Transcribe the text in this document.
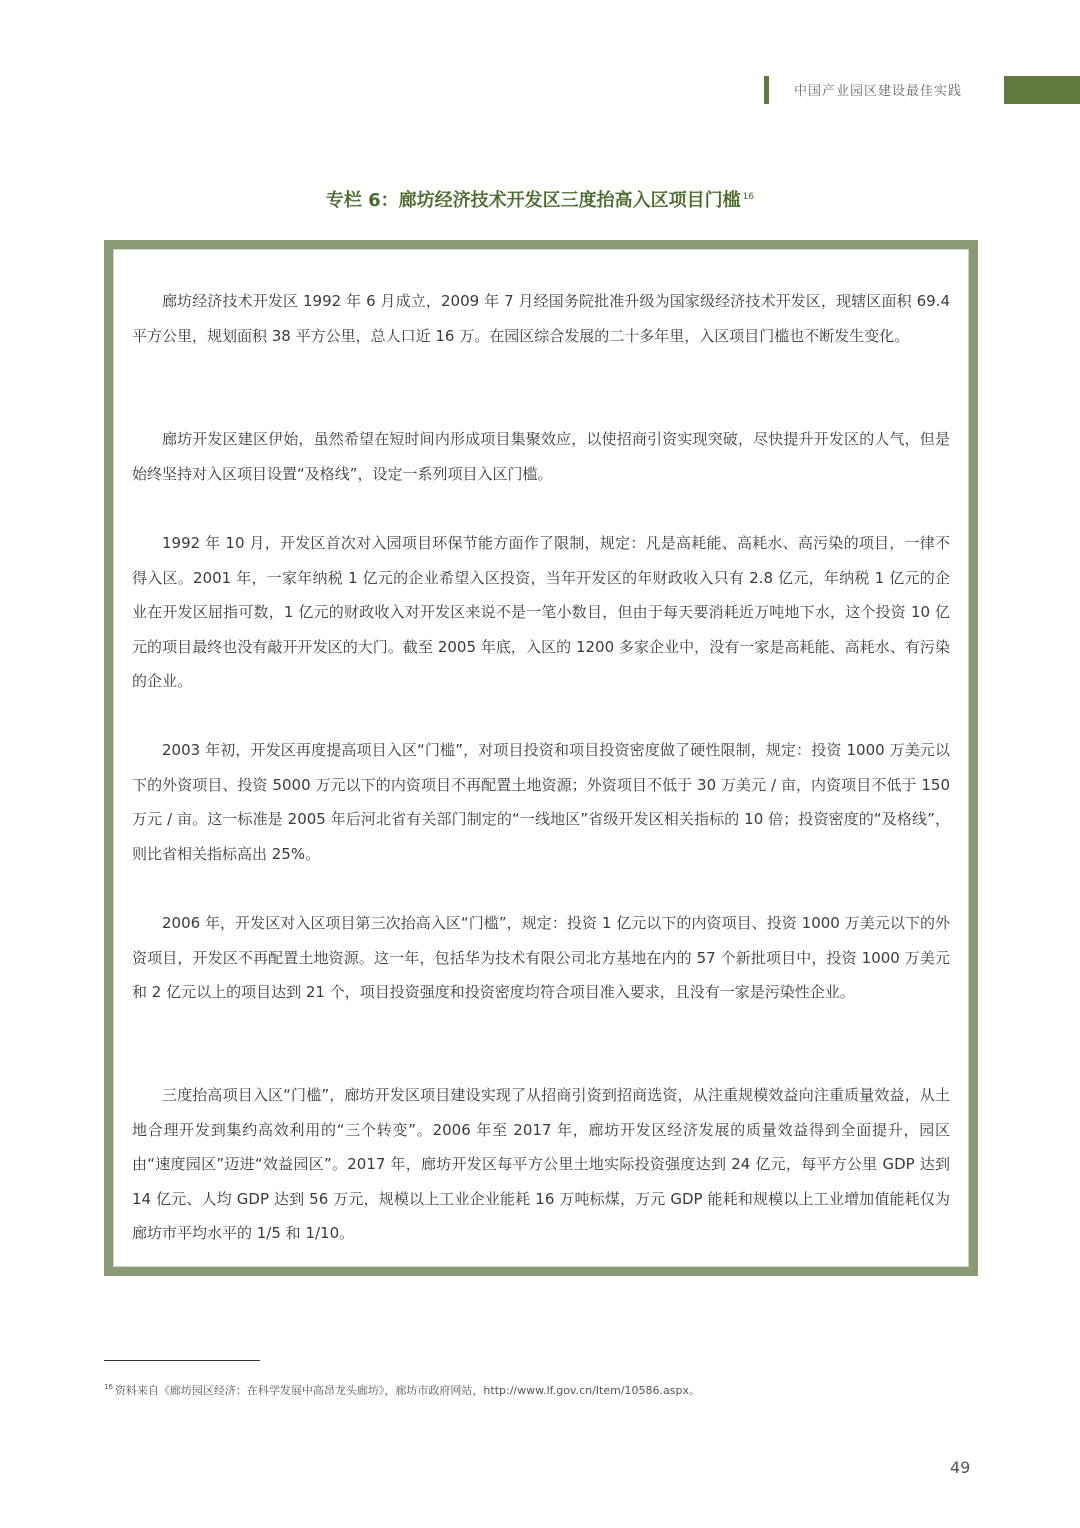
中国产业园区建设最佳实践
专栏 6：廊坊经济技术开发区三度抬高入区项目门槛 $^{16}$

廊坊经济技术开发区 1992 年 6 月成立，2009 年 7 月经国务院批准升级为国家级经济技术开发区，现辖区面积 69.4 平方公里，规划面积 38 平方公里，总人口近 16 万。在园区综合发展的二十多年里，入区项目门槛也不断发生变化。

廊坊开发区建区伊始，虽然希望在短时间内形成项目集聚效应，以使招商引资实现突破，尽快提升开发区的人气，但是始终坚持对入区项目设置“及格线”，设定一系列项目入区门槛。

1992 年 10 月，开发区首次对入园项目环保节能方面作了限制，规定：凡是高耗能、高耗水、高污染的项目，一律不得入区。2001 年，一家年纳税 1 亿元的企业希望入区投资，当年开发区的年财政收入只有 2.8 亿元，年纳税 1 亿元的企业在开发区屈指可数，1 亿元的财政收入对开发区来说不是一笔小数目，但由于每天要消耗近万吨地下水，这个投资 10 亿元的项目最终也没有敲开开发区的大门。截至 2005 年底，入区的 1200 多家企业中，没有一家是高耗能、高耗水、有污染的企业。

2003 年初，开发区再度提高项目入区“门槛”，对项目投资和项目投资密度做了硬性限制，规定：投资 1000 万美元以下的外资项目、投资 5000 万元以下的内资项目不再配置土地资源；外资项目不低于 30 万美元 / 亩，内资项目不低于 150 万元 / 亩。这一标准是 2005 年后河北省有关部门制定的“一线地区”省级开发区相关指标的 10 倍；投资密度的“及格线”，则比省相关指标高出 25%。

2006 年，开发区对入区项目第三次抬高入区“门槛”，规定：投资 1 亿元以下的内资项目、投资 1000 万美元以下的外资项目，开发区不再配置土地资源。这一年，包括华为技术有限公司北方基地在内的 57 个新批项目中，投资 1000 万美元和 2 亿元以上的项目达到 21 个，项目投资强度和投资密度均符合项目准入要求，且没有一家是污染性企业。

三度抬高项目入区“门槛”，廊坊开发区项目建设实现了从招商引资到招商选资，从注重规模效益向注重质量效益，从土地合理开发到集约高效利用的“三个转变”。2006 年至 2017 年，廊坊开发区经济发展的质量效益得到全面提升，园区由“速度园区”迈进“效益园区”。2017 年，廊坊开发区每平方公里土地实际投资强度达到 24 亿元，每平方公里 GDP 达到 14 亿元、人均 GDP 达到 56 万元，规模以上工业企业能耗 16 万吨标煤，万元 GDP 能耗和规模以上工业增加值能耗仅为廊坊市平均水平的 1/5 和 1/10。

$^{16}$ 资料来自《廊坊园区经济：在科学发展中高昂龙头廊坊》，廊坊市政府网站，http://www.lf.gov.cn/Item/10586.aspx。
49
